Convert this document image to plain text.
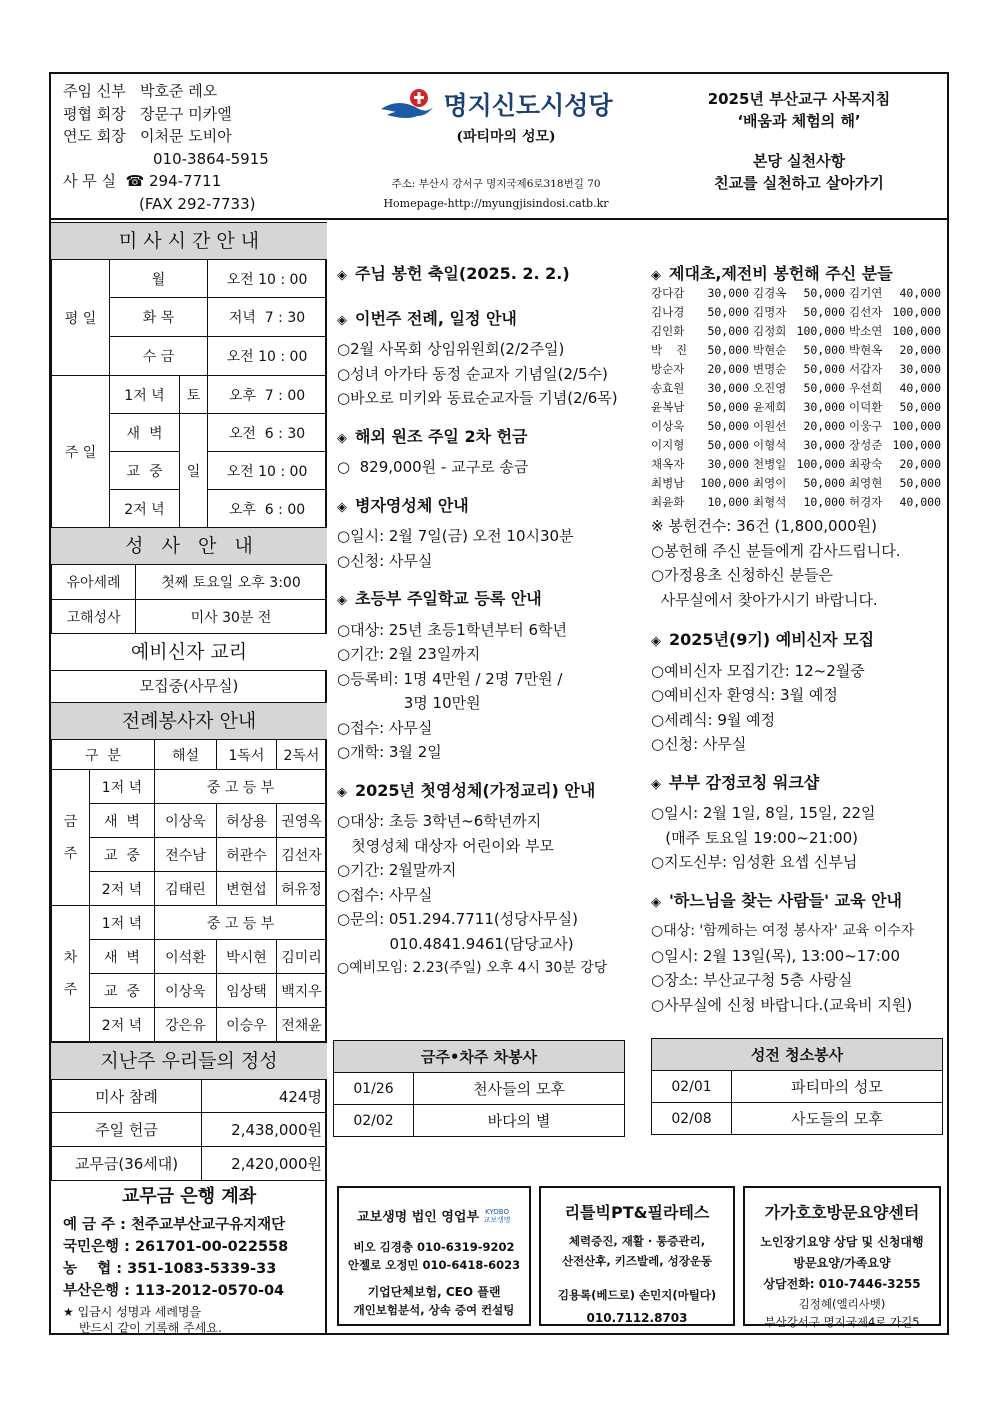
주임 신부 박호준 레오
평협 회장 장문구 미카엘
연도 회장 이처문 도비아
010-3864-5915
사 무 실 ☎ 294-7711
(FAX 292-7733)
명지신도시성당
(파티마의 성모)
주소: 부산시 강서구 명지국제6로318번길 70
Homepage-http://myungjisindosi.catb.kr
2025년 부산교구 사목지침
‘배움과 체험의 해’
본당 실천사항
친교를 실천하고 살아가기
미 사 시 간 안 내
평 일	월		오전 10 : 00
	화 목		저녁  7 : 30
	수 금		오전 10 : 00
주 일	1저 녁	토	오후  7 : 00
	새  벽	일	오전  6 : 30
	교  중		오전 10 : 00
	2저 녁		오후  6 : 00
성   사   안   내
유아세례	첫째 토요일 오후 3:00
고해성사	미사 30분 전
예비신자 교리
모집중(사무실)
전례봉사자 안내
구  분		해설	1독서	2독서
금

주	1저 녁	중 고 등 부		
	새  벽	이상욱	허상용	권영옥
	교  중	전수남	허관수	김선자
	2저 녁	김태린	변현섭	허유정
차

주	1저 녁	중 고 등 부		
	새  벽	이석환	박시현	김미리
	교  중	이상욱	임상택	백지우
	2저 녁	강은유	이승우	전채윤
지난주 우리들의 정성
미사 참례	424명
주일 헌금	2,438,000원
교무금(36세대)	2,420,000원
교무금 은행 계좌
예 금 주 : 천주교부산교구유지재단
국민은행 : 261701-00-022558
농    협 : 351-1083-5339-33
부산은행 : 113-2012-0570-04
★ 입금시 성명과 세례명을
반드시 같이 기록해 주세요.
◈ 주님 봉헌 축일(2025. 2. 2.)
◈ 이번주 전례, 일정 안내
○2월 사목회 상임위원회(2/2주일)
○성녀 아가타 동정 순교자 기념일(2/5수)
○바오로 미키와 동료순교자들 기념(2/6목)
◈ 해외 원조 주일 2차 헌금
○  829,000원 - 교구로 송금
◈ 병자영성체 안내
○일시: 2월 7일(금) 오전 10시30분
○신청: 사무실
◈ 초등부 주일학교 등록 안내
○대상: 25년 초등1학년부터 6학년
○기간: 2월 23일까지
○등록비: 1명 4만원 / 2명 7만원 /
3명 10만원
○접수: 사무실
○개학: 3월 2일
◈ 2025년 첫영성체(가정교리) 안내
○대상: 초등 3학년~6학년까지
첫영성체 대상자 어린이와 부모
○기간: 2월말까지
○접수: 사무실
○문의: 051.294.7711(성당사무실)
010.4841.9461(담당교사)
○예비모임: 2.23(주일) 오후 4시 30분 강당
◈ 제대초,제전비 봉헌해 주신 분들
강다감	30,000 김경옥	50,000 김기연	40,000
김나경	50,000 김명자	50,000 김선자 100,000
김인화	50,000 김정희 100,000 박소연 100,000
박  진	50,000 박현순	50,000 박현옥	20,000
방순자	20,000 변명순	50,000 서갑자	30,000
송효원	30,000 오진영	50,000 우선희	40,000
윤복남	50,000 윤제희	30,000 이덕환	50,000
이상욱	50,000 이원선	20,000 이웅구 100,000
이지형	50,000 이형석	30,000 장성준 100,000
채옥자	30,000 천병일 100,000 최광숙	20,000
최병남	100,000 최영이	50,000 최영현	50,000
최윤화	10,000 최형석	10,000 허경자	40,000
※ 봉헌건수: 36건 (1,800,000원)
○봉헌해 주신 분들에게 감사드립니다.
○가정용초 신청하신 분들은
사무실에서 찾아가시기 바랍니다.
◈ 2025년(9기) 예비신자 모집
○예비신자 모집기간: 12~2월중
○예비신자 환영식: 3월 예정
○세례식: 9월 예정
○신청: 사무실
◈ 부부 감정코칭 워크샵
○일시: 2월 1일, 8일, 15일, 22일
(매주 토요일 19:00~21:00)
○지도신부: 임성환 요셉 신부님
◈ '하느님을 찾는 사람들' 교육 안내
○대상: '함께하는 여정 봉사자' 교육 이수자
○일시: 2월 13일(목), 13:00~17:00
○장소: 부산교구청 5층 사랑실
○사무실에 신청 바랍니다.(교육비 지원)
금주•차주 차봉사	
01/26	천사들의 모후
02/02	바다의 별
성전 청소봉사	
02/01	파티마의 성모
02/08	사도들의 모후
교보생명 법인 영업부 KYOBO 교보생명
비오 김경충 010-6319-9202
안젤로 오정민 010-6418-6023
기업단체보험, CEO 플랜
개인보험분석, 상속 증여 컨설팅
리틀빅PT&필라테스
체력증진, 재활 · 통증관리,
산전산후, 키즈발레, 성장운동
김용록(베드로) 손민지(마틸다)
010.7112.8703
가가호호방문요양센터
노인장기요양 상담 및 신청대행
방문요양/가족요양
상담전화: 010-7446-3255
김정혜(엘리사벳)
부산강서구 명지국제4로 가길5
